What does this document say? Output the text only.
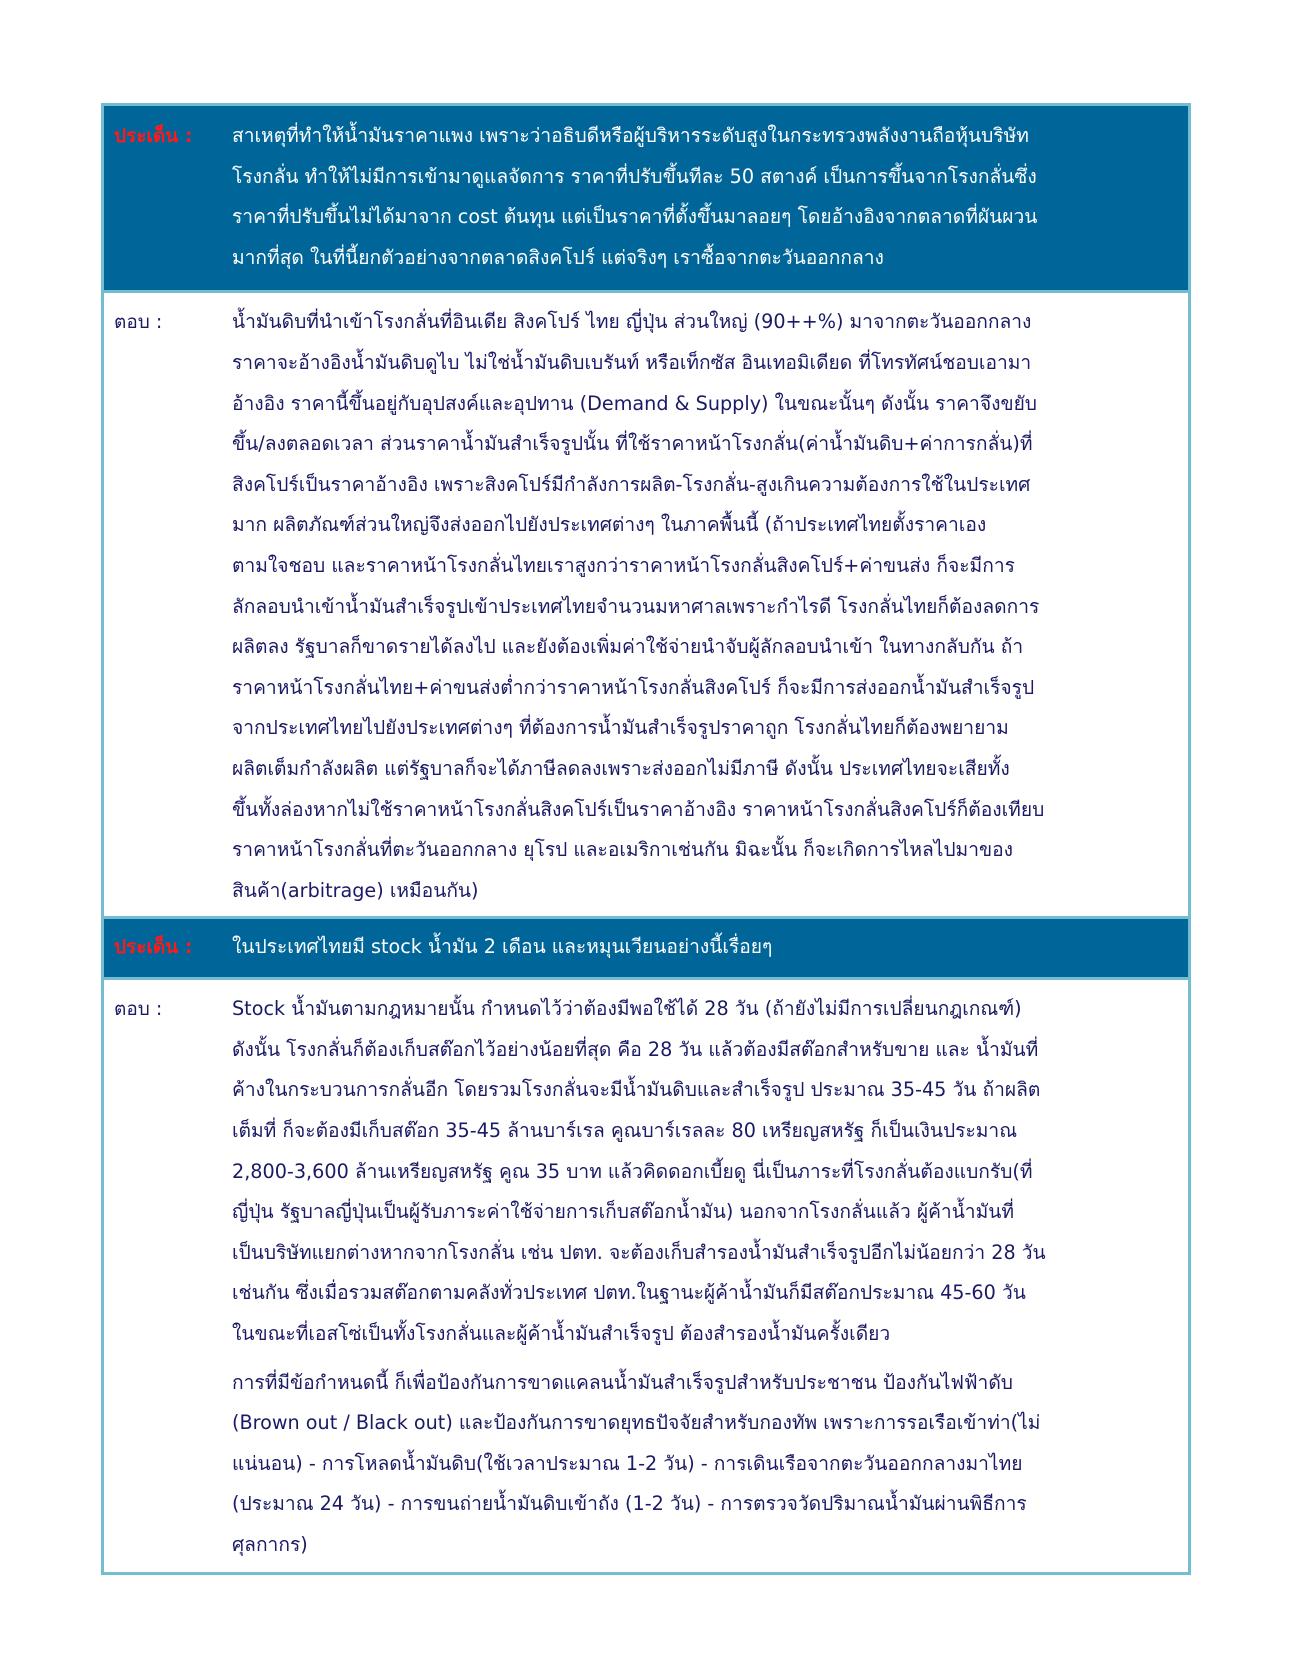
ประเด็น :	สาเหตุที่ทำให้น้ำมันราคาแพง เพราะว่าอธิบดีหรือผู้บริหารระดับสูงในกระทรวงพลังงานถือหุ้นบริษัท
โรงกลั่น ทำให้ไม่มีการเข้ามาดูแลจัดการ ราคาที่ปรับขึ้นทีละ 50 สตางค์ เป็นการขึ้นจากโรงกลั่นซึ่ง
ราคาที่ปรับขึ้นไม่ได้มาจาก cost ต้นทุน แต่เป็นราคาที่ตั้งขึ้นมาลอยๆ โดยอ้างอิงจากตลาดที่ผันผวน
มากที่สุด ในที่นี้ยกตัวอย่างจากตลาดสิงคโปร์ แต่จริงๆ เราซื้อจากตะวันออกกลาง
ตอบ :	น้ำมันดิบที่นำเข้าโรงกลั่นที่อินเดีย สิงคโปร์ ไทย ญี่ปุ่น ส่วนใหญ่ (90++%) มาจากตะวันออกกลาง
ราคาจะอ้างอิงน้ำมันดิบดูไบ ไม่ใช่น้ำมันดิบเบรันท์ หรือเท็กซัส อินเทอมิเดียด ที่โทรทัศน์ชอบเอามา
อ้างอิง ราคานี้ขึ้นอยู่กับอุปสงค์และอุปทาน (Demand & Supply) ในขณะนั้นๆ ดังนั้น ราคาจึงขยับ
ขึ้น/ลงตลอดเวลา ส่วนราคาน้ำมันสำเร็จรูปนั้น ที่ใช้ราคาหน้าโรงกลั่น(ค่าน้ำมันดิบ+ค่าการกลั่น)ที่
สิงคโปร์เป็นราคาอ้างอิง เพราะสิงคโปร์มีกำลังการผลิต-โรงกลั่น-สูงเกินความต้องการใช้ในประเทศ
มาก ผลิตภัณฑ์ส่วนใหญ่จึงส่งออกไปยังประเทศต่างๆ ในภาคพื้นนี้ (ถ้าประเทศไทยตั้งราคาเอง
ตามใจชอบ และราคาหน้าโรงกลั่นไทยเราสูงกว่าราคาหน้าโรงกลั่นสิงคโปร์+ค่าขนส่ง ก็จะมีการ
ลักลอบนำเข้าน้ำมันสำเร็จรูปเข้าประเทศไทยจำนวนมหาศาลเพราะกำไรดี โรงกลั่นไทยก็ต้องลดการ
ผลิตลง รัฐบาลก็ขาดรายได้ลงไป และยังต้องเพิ่มค่าใช้จ่ายนำจับผู้ลักลอบนำเข้า ในทางกลับกัน ถ้า
ราคาหน้าโรงกลั่นไทย+ค่าขนส่งต่ำกว่าราคาหน้าโรงกลั่นสิงคโปร์ ก็จะมีการส่งออกน้ำมันสำเร็จรูป
จากประเทศไทยไปยังประเทศต่างๆ ที่ต้องการน้ำมันสำเร็จรูปราคาถูก โรงกลั่นไทยก็ต้องพยายาม
ผลิตเต็มกำลังผลิต แต่รัฐบาลก็จะได้ภาษีลดลงเพราะส่งออกไม่มีภาษี ดังนั้น ประเทศไทยจะเสียทั้ง
ขึ้นทั้งล่องหากไม่ใช้ราคาหน้าโรงกลั่นสิงคโปร์เป็นราคาอ้างอิง ราคาหน้าโรงกลั่นสิงคโปร์ก็ต้องเทียบ
ราคาหน้าโรงกลั่นที่ตะวันออกกลาง ยุโรป และอเมริกาเช่นกัน มิฉะนั้น ก็จะเกิดการไหลไปมาของ
สินค้า(arbitrage) เหมือนกัน)
ประเด็น :	ในประเทศไทยมี stock น้ำมัน 2 เดือน และหมุนเวียนอย่างนี้เรื่อยๆ
ตอบ :	Stock น้ำมันตามกฎหมายนั้น กำหนดไว้ว่าต้องมีพอใช้ได้ 28 วัน (ถ้ายังไม่มีการเปลี่ยนกฎเกณฑ์)
ดังนั้น โรงกลั่นก็ต้องเก็บสต๊อกไว้อย่างน้อยที่สุด คือ 28 วัน แล้วต้องมีสต๊อกสำหรับขาย และ น้ำมันที่
ค้างในกระบวนการกลั่นอีก โดยรวมโรงกลั่นจะมีน้ำมันดิบและสำเร็จรูป ประมาณ 35-45 วัน ถ้าผลิต
เต็มที่ ก็จะต้องมีเก็บสต๊อก 35-45 ล้านบาร์เรล คูณบาร์เรลละ 80 เหรียญสหรัฐ ก็เป็นเงินประมาณ
2,800-3,600 ล้านเหรียญสหรัฐ คูณ 35 บาท แล้วคิดดอกเบี้ยดู นี่เป็นภาระที่โรงกลั่นต้องแบกรับ(ที่
ญี่ปุ่น รัฐบาลญี่ปุ่นเป็นผู้รับภาระค่าใช้จ่ายการเก็บสต๊อกน้ำมัน) นอกจากโรงกลั่นแล้ว ผู้ค้าน้ำมันที่
เป็นบริษัทแยกต่างหากจากโรงกลั่น เช่น ปตท. จะต้องเก็บสำรองน้ำมันสำเร็จรูปอีกไม่น้อยกว่า 28 วัน
เช่นกัน ซึ่งเมื่อรวมสต๊อกตามคลังทั่วประเทศ ปตท.ในฐานะผู้ค้าน้ำมันก็มีสต๊อกประมาณ 45-60 วัน
ในขณะที่เอสโซ่เป็นทั้งโรงกลั่นและผู้ค้าน้ำมันสำเร็จรูป ต้องสำรองน้ำมันครั้งเดียว
การที่มีข้อกำหนดนี้ ก็เพื่อป้องกันการขาดแคลนน้ำมันสำเร็จรูปสำหรับประชาชน ป้องกันไฟฟ้าดับ
(Brown out / Black out) และป้องกันการขาดยุทธปัจจัยสำหรับกองทัพ เพราะการรอเรือเข้าท่า(ไม่
แน่นอน) - การโหลดน้ำมันดิบ(ใช้เวลาประมาณ 1-2 วัน) - การเดินเรือจากตะวันออกกลางมาไทย
(ประมาณ 24 วัน) - การขนถ่ายน้ำมันดิบเข้าถัง (1-2 วัน) - การตรวจวัดปริมาณน้ำมันผ่านพิธีการ
ศุลกากร)
